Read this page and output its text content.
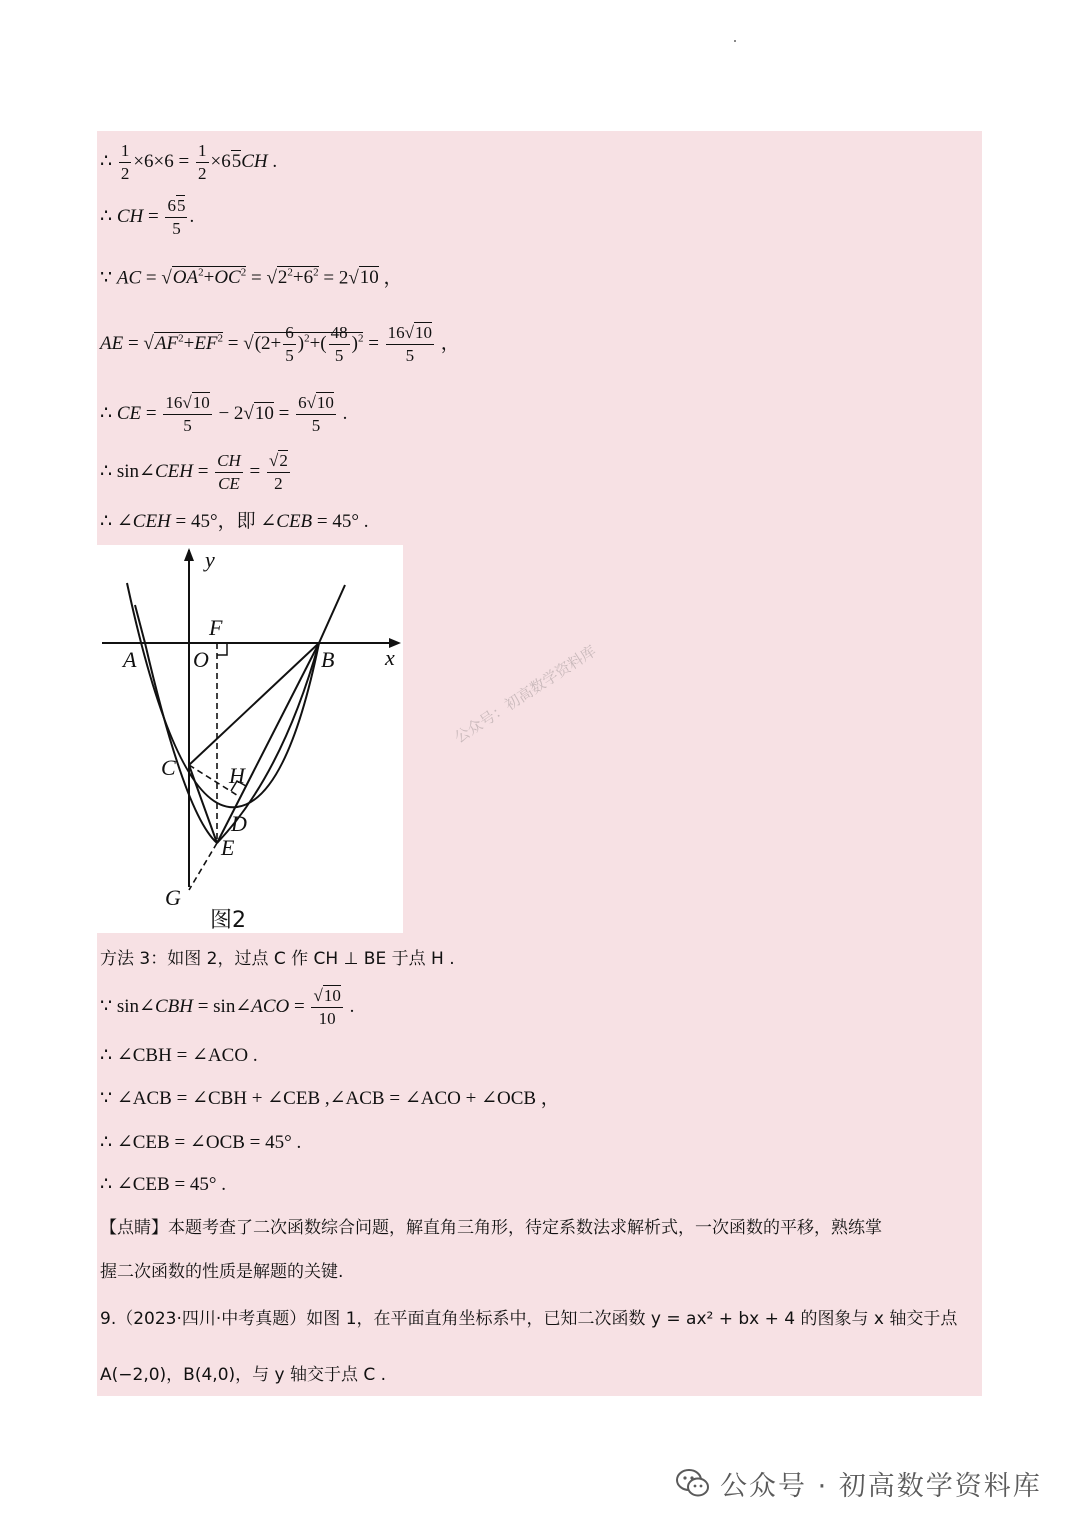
∴ $\frac{1}{2} \times 6\times 6 = \frac{1}{2} \times 65CH$ .
∴ CH = $\frac{65}{5}$ .
∵ AC = $√OA^2+OC^2 = √2^2+6^2 = 2√10$ ，
AE = $√AF^2+EF^2 = √(2+ \frac{6}{5} )^2+( \frac{48}{5} )^2 = \frac{16√10}{5}$ ，
∴ CE = $\frac{16√10}{5} - 2√10 = \frac{6√10}{5}$ .
∴ sin∠CEH = $\frac{CH}{CE} = \frac{√2}{2}$
∴ ∠CEH = 45°，即 ∠CEB = 45° .
y
x
F
O
A	B
C H
D
E
G
图2
公众号：初高数学资料库
方法 3：如图 2，过点 C 作 CH ⊥ BE 于点 H .
∵ sin∠CBH = sin∠ACO = $\frac{√10}{10}$ .
∴ ∠CBH = ∠ACO .
∵ ∠ACB = ∠CBH + ∠CEB ,∠ACB = ∠ACO + ∠OCB ，
∴ ∠CEB = ∠OCB = 45° .
∴ ∠CEB = 45° .
【点睛】本题考查了二次函数综合问题，解直角三角形，待定系数法求解析式，一次函数的平移，熟练掌
握二次函数的性质是解题的关键.
9.（2023·四川·中考真题）如图 1，在平面直角坐标系中，已知二次函数 y = ax² + bx + 4 的图象与 x 轴交于点
A(−2,0)，B(4,0)，与 y 轴交于点 C .
公众号 · 初高数学资料库
